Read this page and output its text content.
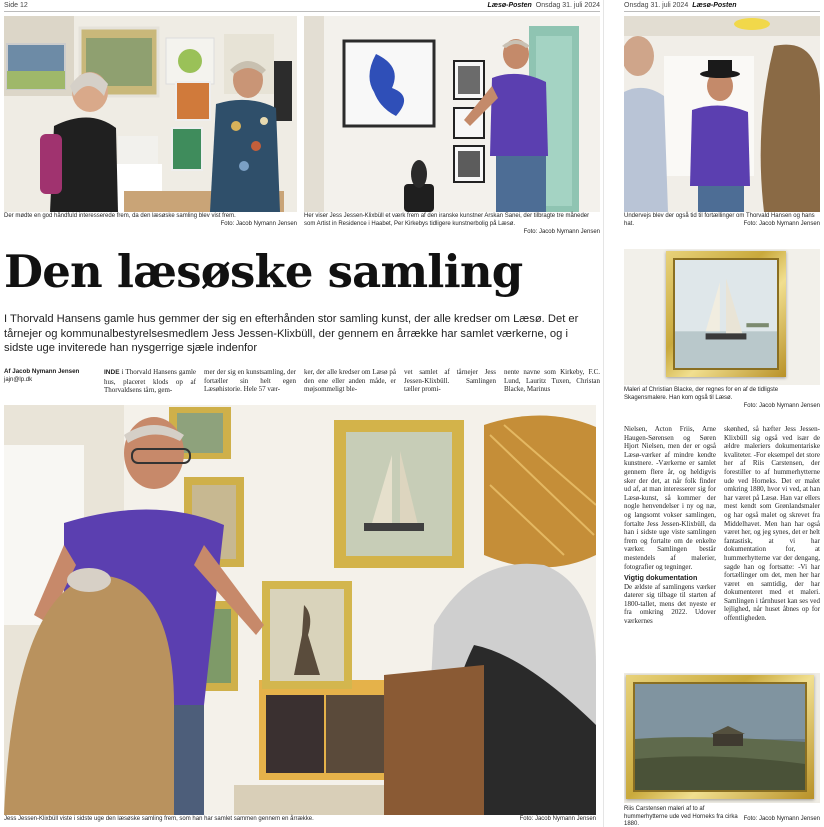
Side 12	Læsø-Posten Onsdag 31. juli 2024	Onsdag 31. juli 2024 Læsø-Posten
Der mødte en god håndfuld interesserede frem, da den læsøske samling blev vist frem.
Foto: Jacob Nymann Jensen
Her viser Jess Jessen-Klixbüll et værk frem af den iranske kunstner Arskan Sanei, der tilbragte tre måneder som Artist in Residence i Haabet, Per Kirkebys tidligere kunstnerbolig på Læsø.
Foto: Jacob Nymann Jensen
Undervejs blev der også tid til fortællinger om Thorvald Hansen og hans hat.	Foto: Jacob Nymann Jensen
Maleri af Christian Blacke, der regnes for en af de tidligste Skagensmalere. Han kom også til Læsø.
Foto: Jacob Nymann Jensen
Den læsøske samling
I Thorvald Hansens gamle hus gemmer der sig en efterhånden stor samling kunst, der alle kredser om Læsø. Det er tårnejer og kommunalbestyrelsesmedlem Jess Jessen-Klixbüll, der gennem en årrække har samlet værkerne, og i sidste uge inviterede han nysgerrige sjæle indenfor
Af Jacob Nymann Jensen
jajn@lp.dk
INDE i Thorvald Hansens gamle hus, placeret klods op af Thorvaldsens tårn, gem-
mer der sig en kunstsamling, der fortæller sin helt egen Læsøhistorie. Hele 57 vær-
ker, der alle kredser om Læsø på den ene eller anden måde, er møjsommeligt ble-
vet samlet af tårnejer Jess Jessen-Klixbüll. Samlingen tæller promi-
nente navne som Kirkeby, F.C. Lund, Lauritz Tuxen, Christan Blacke, Marinus
Jess Jessen-Klixbüll viste i sidste uge den læsøske samling frem, som han har samlet sammen gennem en årrække.	Foto: Jacob Nymann Jensen
Nielsen, Acton Friis, Arne Haugen-Sørensen og Søren Hjort Nielsen, men der er også Læsø-værker af mindre kendte kunstnere. -Værkerne er samlet gennem flere år, og heldigvis sker der det, at når folk finder ud af, at man interesserer sig for Læsø-kunst, så kommer der nogle henvendelser i ny og næ, og langsomt vokser samlingen, fortalte Jess Jessen-Klixbüll, da han i sidste uge viste samlingen frem og fortalte om de enkelte værker. Samlingen består mestendels af malerier, fotografier og tegninger.
Vigtig dokumentation
De ældste af samlingens værker daterer sig tilbage til starten af 1800-tallet, mens det nyeste er fra omkring 2022. Udover værkernes
skønhed, så hæfter Jess Jessen-Klixbüll sig også ved især de ældre maleriers dokumentariske kvaliteter. -For eksempel det store her af Riis Carstensen, der forestiller to af hummerhytterne ude ved Horneks. Det er malet omkring 1880, hvor vi ved, at han har været på Læsø. Han var ellers mest kendt som Grønlandsmaler og har også malet og skrevet fra Middelhavet. Men han har også været her, og jeg synes, det er helt fantastisk, at vi har dokumentation for, at hummerhytterne var der dengang, sagde han og fortsatte: -Vi har fortællinger om det, men her har været en samtidig, der har dokumenteret med et maleri. Samlingen i tårnhuset kan ses ved lejlighed, når huset åbnes op for offentligheden.
Riis Carstensen maleri af to af hummerhytterne ude ved Horneks fra cirka 1880.
Foto: Jacob Nymann Jensen
